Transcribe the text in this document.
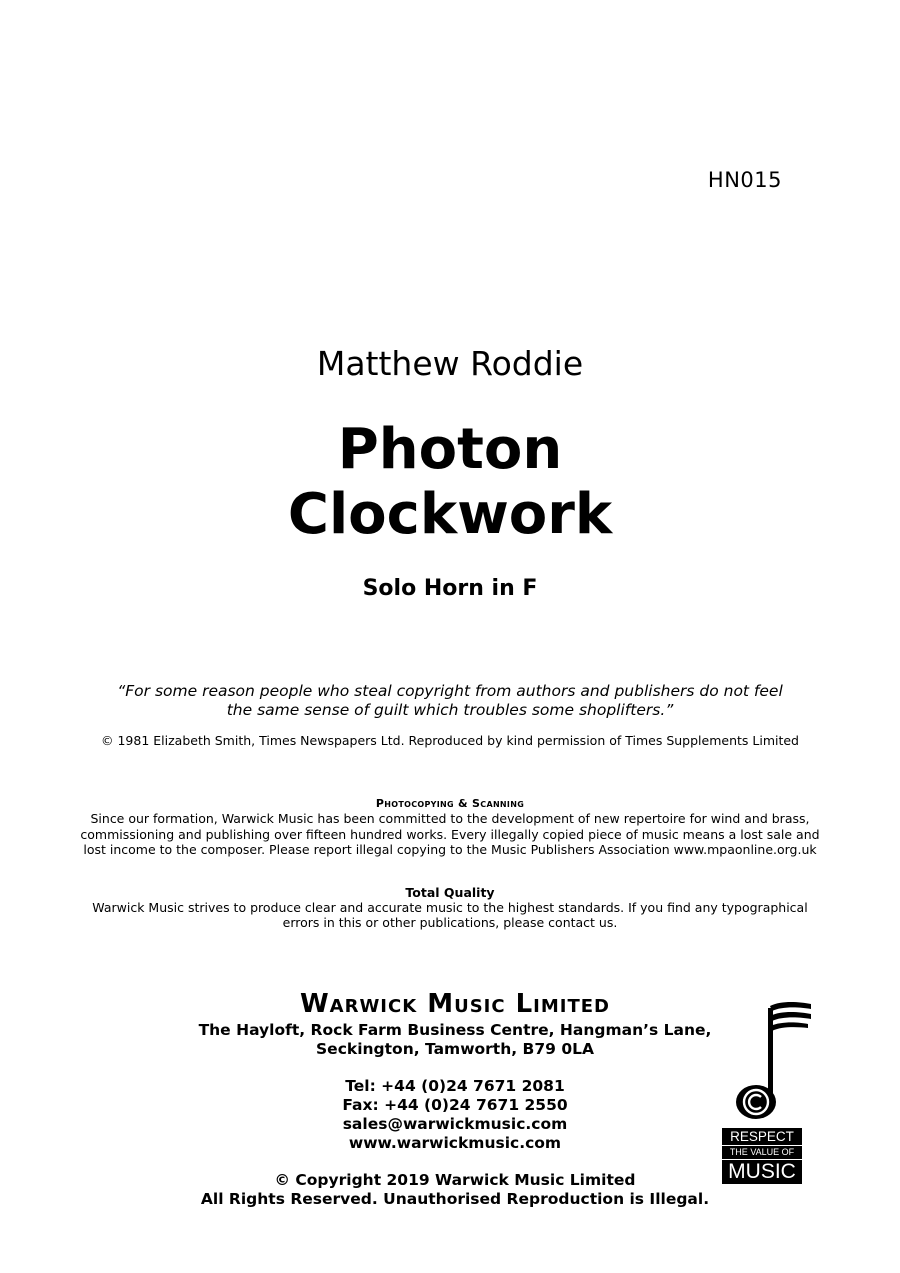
HN015
Matthew Roddie
Photon
Clockwork
Solo Horn in F
“For some reason people who steal copyright from authors and publishers do not feel
the same sense of guilt which troubles some shoplifters.”
© 1981 Elizabeth Smith, Times Newspapers Ltd. Reproduced by kind permission of Times Supplements Limited
Photocopying & Scanning
Since our formation, Warwick Music has been committed to the development of new repertoire for wind and brass,
commissioning and publishing over fifteen hundred works. Every illegally copied piece of music means a lost sale and
lost income to the composer. Please report illegal copying to the Music Publishers Association www.mpaonline.org.uk
Total Quality
Warwick Music strives to produce clear and accurate music to the highest standards. If you find any typographical
errors in this or other publications, please contact us.
Warwick Music Limited
The Hayloft, Rock Farm Business Centre, Hangman’s Lane,
Seckington, Tamworth, B79 0LA
Tel: +44 (0)24 7671 2081
Fax: +44 (0)24 7671 2550
sales@warwickmusic.com
www.warwickmusic.com
© Copyright 2019 Warwick Music Limited
All Rights Reserved. Unauthorised Reproduction is Illegal.
RESPECT
THE VALUE OF
MUSIC
